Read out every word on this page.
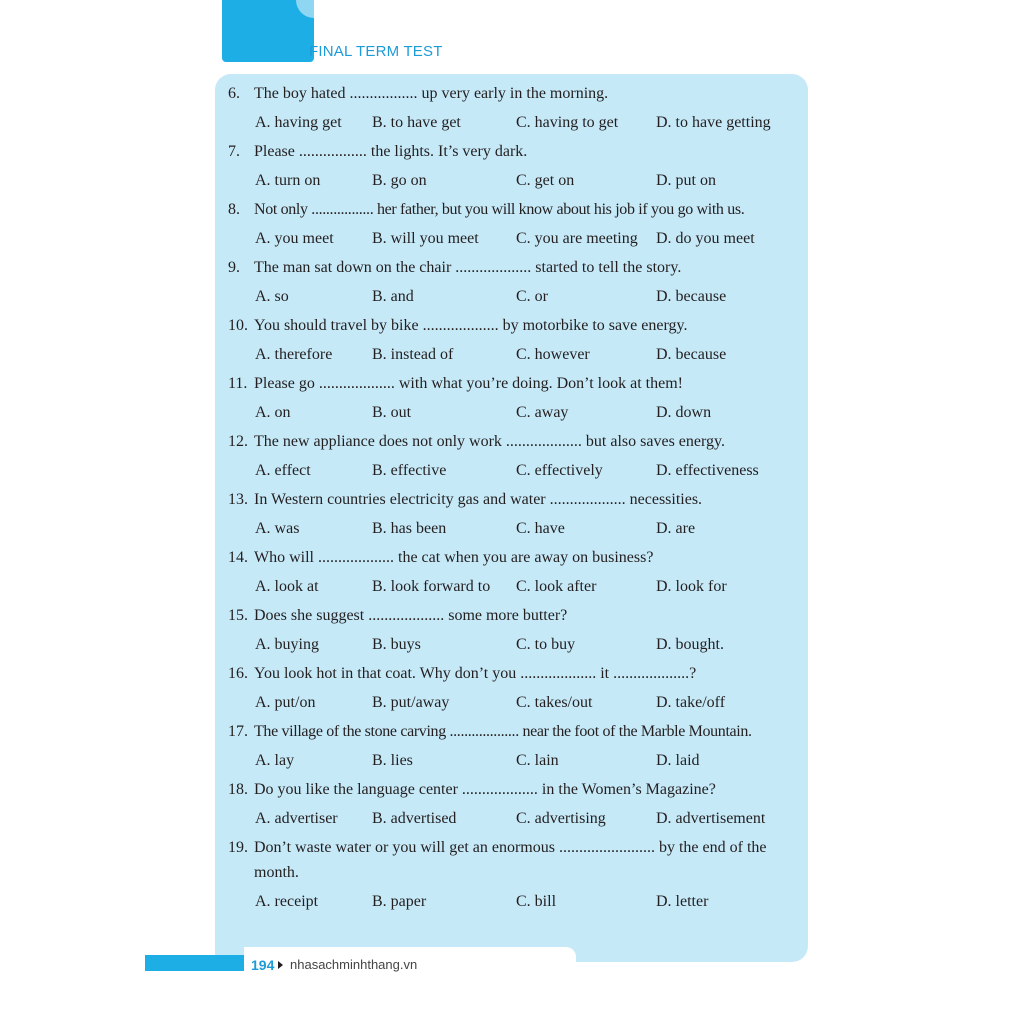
FINAL TERM TEST
6. The boy hated ................. up very early in the morning.
A. having get	B. to have get	C. having to get	D. to have getting
7. Please ................. the lights. It’s very dark.
A. turn on	B. go on	C. get on	D. put on
8. Not only ................. her father, but you will know about his job if you go with us.
A. you meet	B. will you meet	C. you are meeting	D. do you meet
9. The man sat down on the chair ................... started to tell the story.
A. so	B. and	C. or	D. because
10. You should travel by bike ................... by motorbike to save energy.
A. therefore	B. instead of	C. however	D. because
11. Please go ................... with what you’re doing. Don’t look at them!
A. on	B. out	C. away	D. down
12. The new appliance does not only work ................... but also saves energy.
A. effect	B. effective	C. effectively	D. effectiveness
13. In Western countries electricity gas and water ................... necessities.
A. was	B. has been	C. have	D. are
14. Who will ................... the cat when you are away on business?
A. look at	B. look forward to	C. look after	D. look for
15. Does she suggest ................... some more butter?
A. buying	B. buys	C. to buy	D. bought.
16. You look hot in that coat. Why don’t you ................... it ...................?
A. put/on	B. put/away	C. takes/out	D. take/off
17. The village of the stone carving ................... near the foot of the Marble Mountain.
A. lay	B. lies	C. lain	D. laid
18. Do you like the language center ................... in the Women’s Magazine?
A. advertiser	B. advertised	C. advertising	D. advertisement
19. Don’t waste water or you will get an enormous ........................ by the end of the
month.
A. receipt	B. paper	C. bill	D. letter
194 nhasachminhthang.vn
